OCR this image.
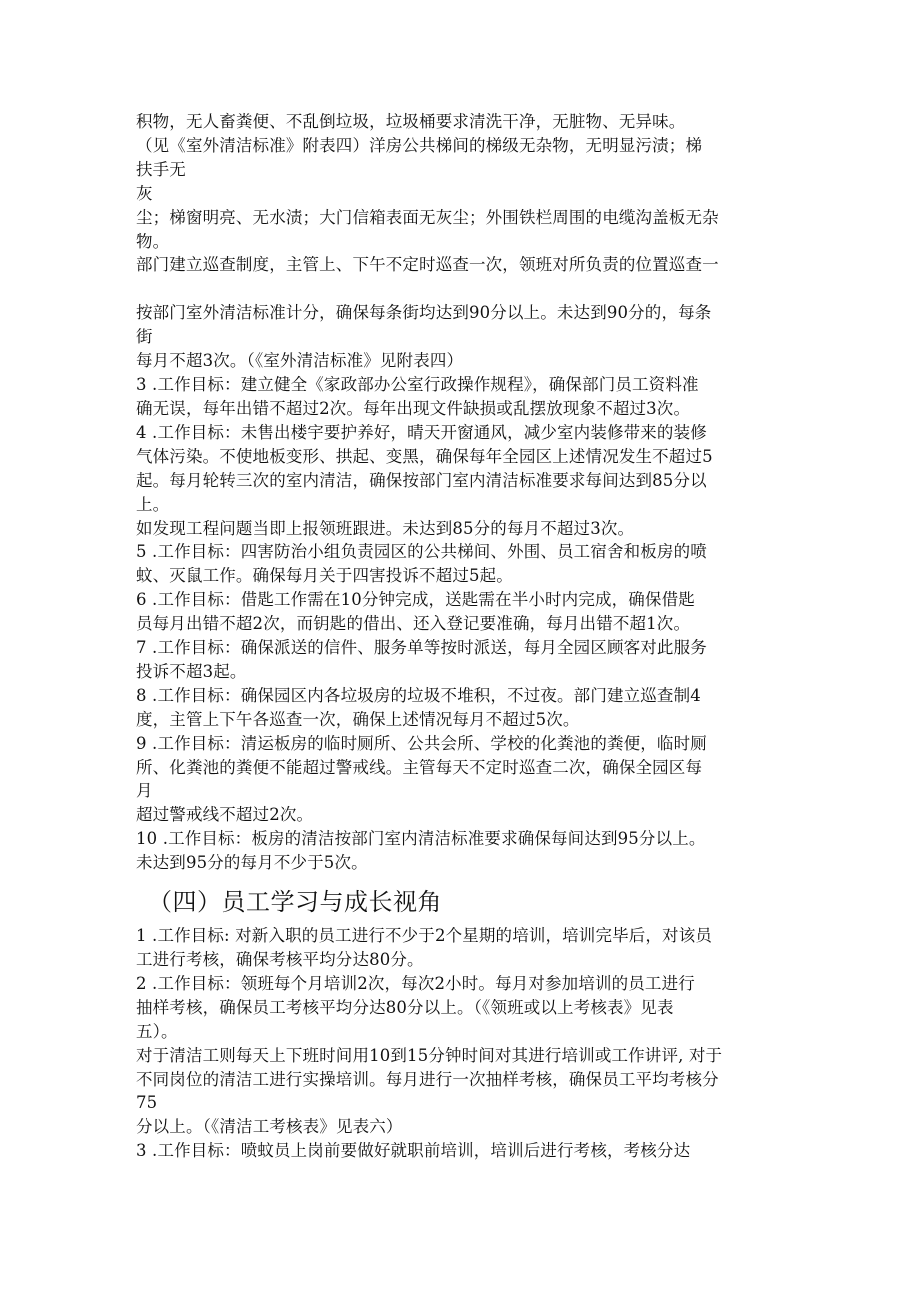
积物，无人畜粪便、不乱倒垃圾，垃圾桶要求清洗干净，无脏物、无异味。
（见《室外清洁标准》附表四）洋房公共梯间的梯级无杂物，无明显污渍；梯
扶手无
灰
尘；梯窗明亮、无水渍；大门信箱表面无灰尘；外围铁栏周围的电缆沟盖板无杂
物。
部门建立巡查制度，主管上、下午不定时巡查一次，领班对所负责的位置巡查一
按部门室外清洁标准计分，确保每条街均达到90分以上。未达到90分的，每条
街
每月不超3次。（《室外清洁标准》见附表四）
3 .工作目标：建立健全《家政部办公室行政操作规程》，确保部门员工资料准
确无误，每年出错不超过2次。每年出现文件缺损或乱摆放现象不超过3次。
4 .工作目标：未售出楼宇要护养好，晴天开窗通风，减少室内装修带来的装修
气体污染。不使地板变形、拱起、变黑，确保每年全园区上述情况发生不超过5
起。每月轮转三次的室内清洁，确保按部门室内清洁标准要求每间达到85分以
上。
如发现工程问题当即上报领班跟进。未达到85分的每月不超过3次。
5 .工作目标：四害防治小组负责园区的公共梯间、外围、员工宿舍和板房的喷
蚊、灭鼠工作。确保每月关于四害投诉不超过5起。
6 .工作目标：借匙工作需在10分钟完成，送匙需在半小时内完成，确保借匙
员每月出错不超2次，而钥匙的借出、还入登记要准确，每月出错不超1次。
7 .工作目标：确保派送的信件、服务单等按时派送，每月全园区顾客对此服务
投诉不超3起。
8 .工作目标：确保园区内各垃圾房的垃圾不堆积，不过夜。部门建立巡查制4
度，主管上下午各巡查一次，确保上述情况每月不超过5次。
9 .工作目标：清运板房的临时厕所、公共会所、学校的化粪池的粪便，临时厕
所、化粪池的粪便不能超过警戒线。主管每天不定时巡查二次，确保全园区每
月
超过警戒线不超过2次。
10 .工作目标：板房的清洁按部门室内清洁标准要求确保每间达到95分以上。
未达到95分的每月不少于5次。
（四）员工学习与成长视角
1 .工作目标: 对新入职的员工进行不少于2个星期的培训，培训完毕后，对该员
工进行考核，确保考核平均分达80分。
2 .工作目标：领班每个月培训2次，每次2小时。每月对参加培训的员工进行
抽样考核，确保员工考核平均分达80分以上。（《领班或以上考核表》见表
五）。
对于清洁工则每天上下班时间用10到15分钟时间对其进行培训或工作讲评, 对于
不同岗位的清洁工进行实操培训。每月进行一次抽样考核，确保员工平均考核分
75
分以上。（《清洁工考核表》见表六）
3 .工作目标：喷蚊员上岗前要做好就职前培训，培训后进行考核，考核分达
